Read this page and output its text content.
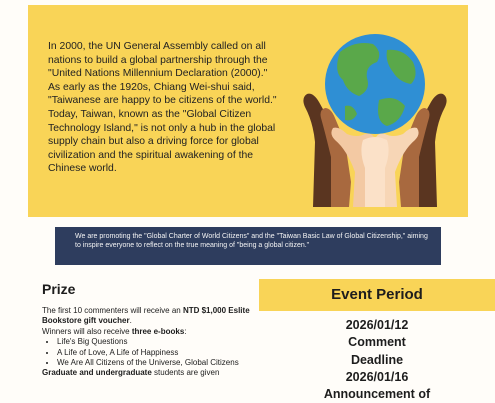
In 2000, the UN General Assembly called on all nations to build a global partnership through the "United Nations Millennium Declaration (2000)."

As early as the 1920s, Chiang Wei-shui said, "Taiwanese are happy to be citizens of the world." Today, Taiwan, known as the "Global Citizen Technology Island," is not only a hub in the global supply chain but also a driving force for global civilization and the spiritual awakening of the Chinese world.

We are promoting the "Global Charter of World Citizens" and the "Taiwan Basic Law of Global Citizenship," aiming to inspire everyone to reflect on the true meaning of "being a global citizen."
Prize

The first 10 commenters will receive an NTD $1,000 Eslite Bookstore gift voucher.

Winners will also receive three e-books:

• Life's Big Questions
• A Life of Love, A Life of Happiness
• We Are All Citizens of the Universe, Global Citizens

Graduate and undergraduate students are given

Event Period
2026/01/12
Comment
Deadline
2026/01/16
Announcement of
